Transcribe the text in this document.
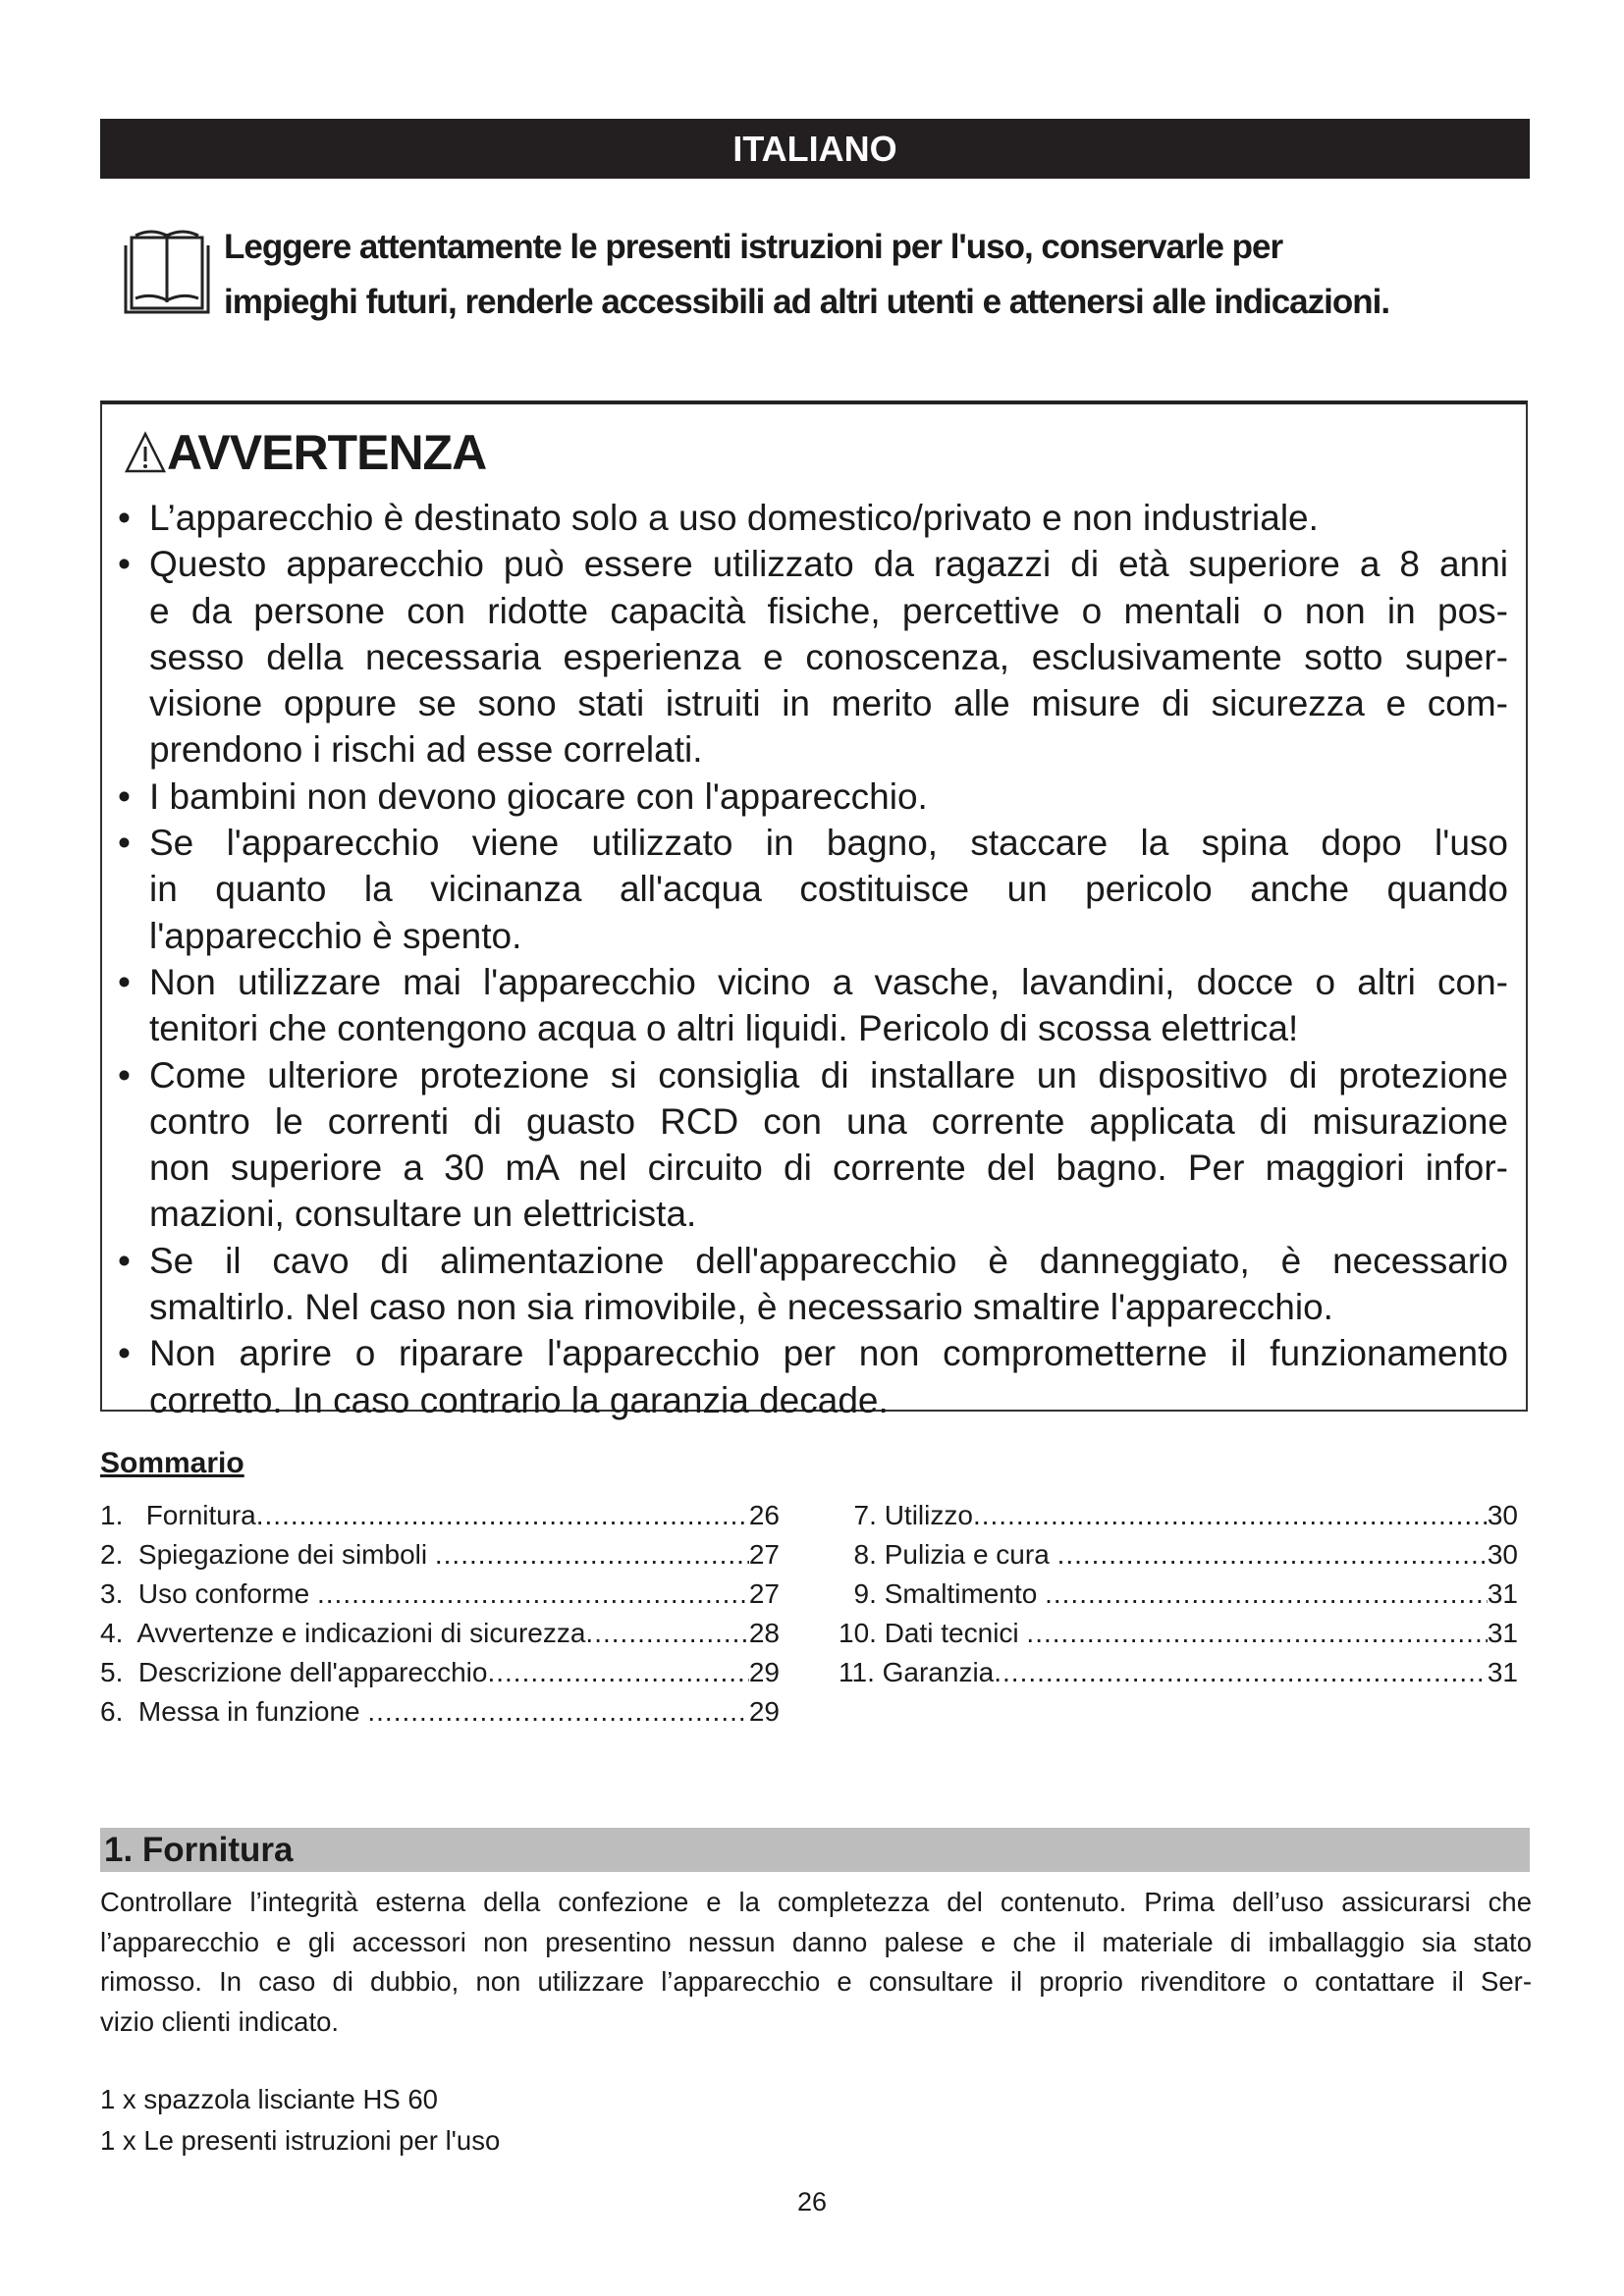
ITALIANO
Leggere attentamente le presenti istruzioni per l'uso, conservarle per
impieghi futuri, renderle accessibili ad altri utenti e attenersi alle indicazioni.
AVVERTENZA
• L’apparecchio è destinato solo a uso domestico/privato e non industriale.
• Questo apparecchio può essere utilizzato da ragazzi di età superiore a 8 anni
e da persone con ridotte capacità fisiche, percettive o mentali o non in pos-
sesso della necessaria esperienza e conoscenza, esclusivamente sotto super-
visione oppure se sono stati istruiti in merito alle misure di sicurezza e com-
prendono i rischi ad esse correlati.
• I bambini non devono giocare con l'apparecchio.
• Se l'apparecchio viene utilizzato in bagno, staccare la spina dopo l'uso
in quanto la vicinanza all'acqua costituisce un pericolo anche quando
l'apparecchio è spento.
• Non utilizzare mai l'apparecchio vicino a vasche, lavandini, docce o altri con-
tenitori che contengono acqua o altri liquidi. Pericolo di scossa elettrica!
• Come ulteriore protezione si consiglia di installare un dispositivo di protezione
contro le correnti di guasto RCD con una corrente applicata di misurazione
non superiore a 30 mA nel circuito di corrente del bagno. Per maggiori infor-
mazioni, consultare un elettricista.
• Se il cavo di alimentazione dell'apparecchio è danneggiato, è necessario
smaltirlo. Nel caso non sia rimovibile, è necessario smaltire l'apparecchio.
• Non aprire o riparare l'apparecchio per non comprometterne il funzionamento
corretto. In caso contrario la garanzia decade.
Sommario
1.   Fornitura .....	26
2.  Spiegazione dei simboli .....	27
3.  Uso conforme .....	27
4.  Avvertenze e indicazioni di sicurezza .....	28
5.  Descrizione dell'apparecchio .....	29
6.  Messa in funzione .....	29
7. Utilizzo .....	30
8. Pulizia e cura .....	30
9. Smaltimento .....	31
10. Dati tecnici .....	31
11. Garanzia .....	31
1. Fornitura
Controllare l’integrità esterna della confezione e la completezza del contenuto. Prima dell’uso assicurarsi che
l’apparecchio e gli accessori non presentino nessun danno palese e che il materiale di imballaggio sia stato
rimosso. In caso di dubbio, non utilizzare l’apparecchio e consultare il proprio rivenditore o contattare il Ser-
vizio clienti indicato.
1 x spazzola lisciante HS 60
1 x Le presenti istruzioni per l'uso
26
